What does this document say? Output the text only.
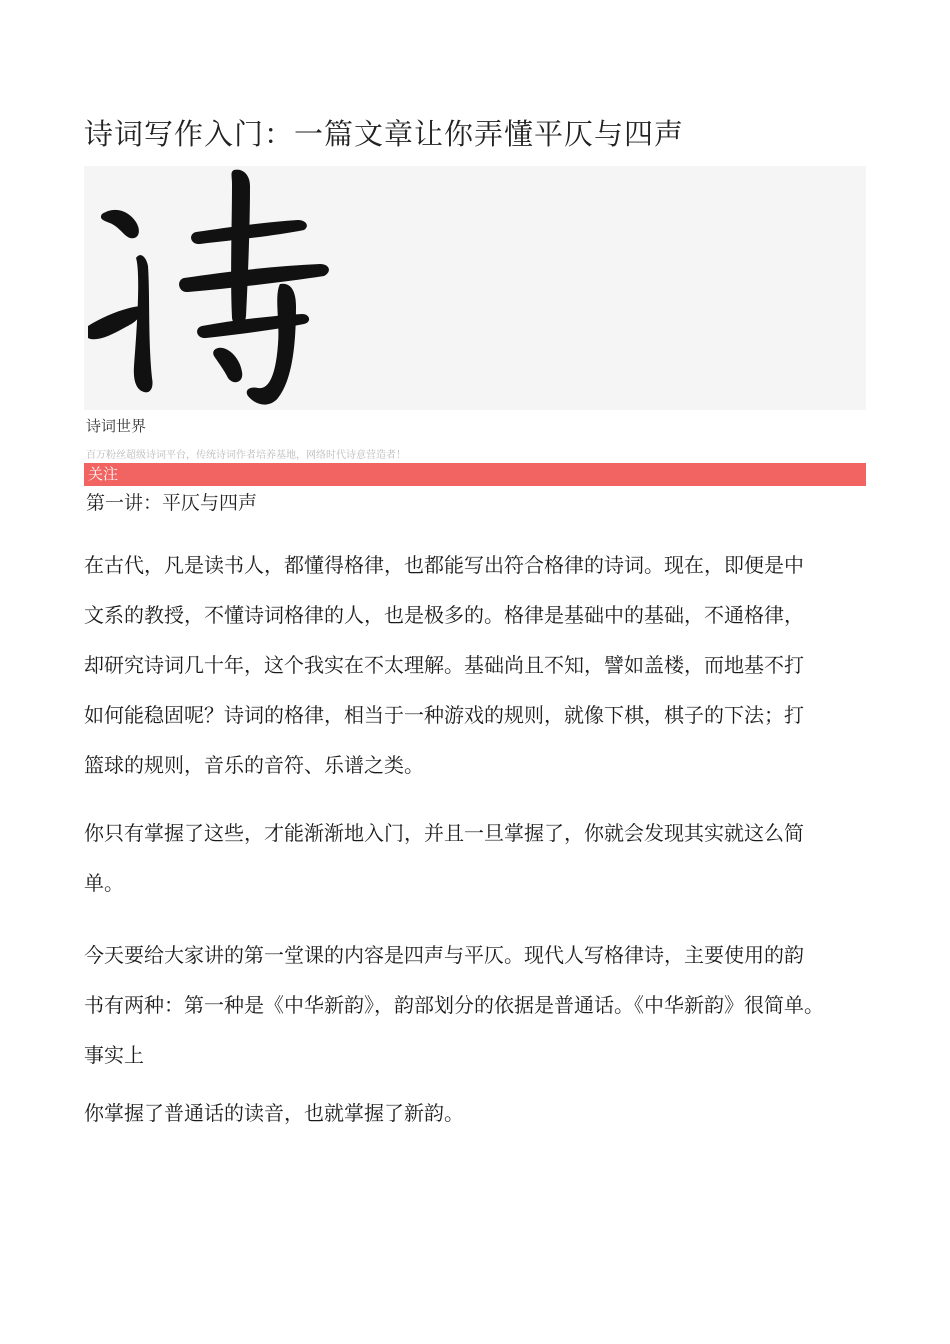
诗词写作入门：一篇文章让你弄懂平仄与四声
诗词世界
百万粉丝超级诗词平台，传统诗词作者培养基地，网络时代诗意营造者！
关注
第一讲：平仄与四声

在古代，凡是读书人，都懂得格律，也都能写出符合格律的诗词。现在，即便是中
文系的教授，不懂诗词格律的人，也是极多的。格律是基础中的基础，不通格律，
却研究诗词几十年，这个我实在不太理解。基础尚且不知，譬如盖楼，而地基不打
如何能稳固呢？诗词的格律，相当于一种游戏的规则，就像下棋，棋子的下法；打
篮球的规则，音乐的音符、乐谱之类。

你只有掌握了这些，才能渐渐地入门，并且一旦掌握了，你就会发现其实就这么简
单。

今天要给大家讲的第一堂课的内容是四声与平仄。现代人写格律诗，主要使用的韵
书有两种：第一种是《中华新韵》，韵部划分的依据是普通话。《中华新韵》很简单。
事实上

你掌握了普通话的读音，也就掌握了新韵。
